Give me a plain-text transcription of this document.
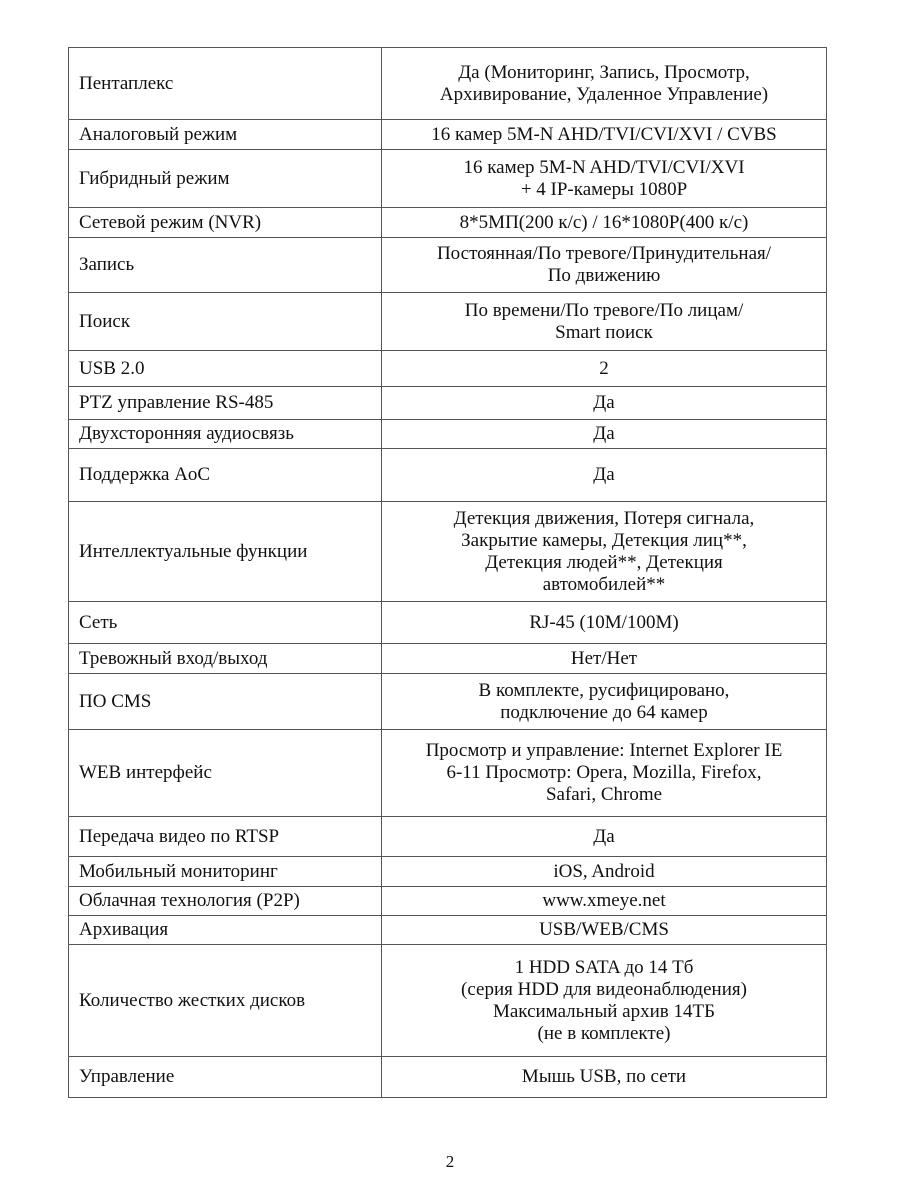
Пентаплекс	Да (Мониторинг, Запись, Просмотр,
Архивирование, Удаленное Управление)
Аналоговый режим	16 камер 5M-N AHD/TVI/CVI/XVI / CVBS
Гибридный режим	16 камер 5M-N AHD/TVI/CVI/XVI
+ 4 IP-камеры 1080P
Сетевой режим (NVR)	8*5МП(200 к/с) / 16*1080P(400 к/с)
Запись	Постоянная/По тревоге/Принудительная/
По движению
Поиск	По времени/По тревоге/По лицам/
Smart поиск
USB 2.0	2
PTZ управление RS-485	Да
Двухсторонняя аудиосвязь	Да
Поддержка AoC	Да
Интеллектуальные функции	Детекция движения, Потеря сигнала,
Закрытие камеры, Детекция лиц**,
Детекция людей**, Детекция
автомобилей**
Сеть	RJ-45 (10M/100M)
Тревожный вход/выход	Нет/Нет
ПО CMS	В комплекте, русифицировано,
подключение до 64 камер
WEB интерфейс	Просмотр и управление: Internet Explorer IE
6-11 Просмотр: Opera, Mozilla, Firefox,
Safari, Chrome
Передача видео по RTSP	Да
Мобильный мониторинг	iOS, Android
Облачная технология (P2P)	www.xmeye.net
Архивация	USB/WEB/CMS
Количество жестких дисков	1 HDD SATA до 14 Тб
(серия HDD для видеонаблюдения)
Максимальный архив 14ТБ
(не в комплекте)
Управление	Мышь USB, по сети
2
